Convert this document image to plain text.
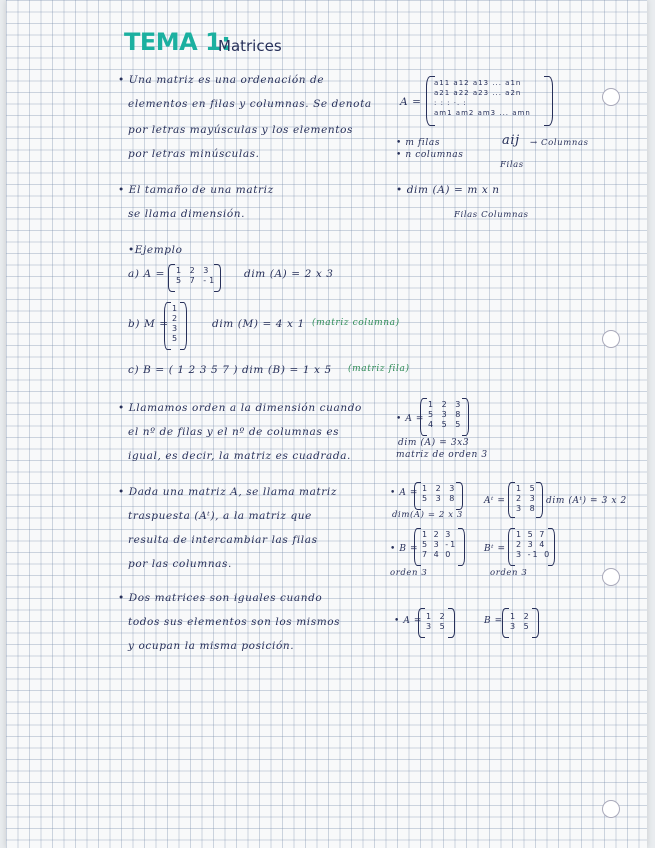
TEMA 1:
Matrices
• Una matriz es una ordenación de
elementos en filas y columnas. Se denota
por letras mayúsculas y los elementos
por letras minúsculas.
A =
a11 a12 a13 ... a1n
a21 a22 a23 ... a2n
: : : ·. :
am1 am2 am3 ... amn
• m filas
• n columnas
aij → Columnas
Filas
• El tamaño de una matriz
se llama dimensión.
• dim (A) = m x n
Filas Columnas
•Ejemplo
a) A = 1 2 3
5 7 -1
dim (A) = 2 x 3
b) M =
1
2
3
5
dim (M) = 4 x 1 (matriz columna)
c) B = ( 1 2 3 5 7 ) dim (B) = 1 x 5 (matriz fila)
• Llamamos orden a la dimensión cuando
el nº de filas y el nº de columnas es
igual, es decir, la matriz es cuadrada.
• A =
1 2 3
5 3 8
4 5 5
dim (A) = 3x3
matriz de orden 3
• Dada una matriz A, se llama matriz
traspuesta (Aᵗ), a la matriz que
resulta de intercambiar las filas
por las columnas.
• A = 1 2 3
5 3 8
dim(A) = 2 x 3
Aᵗ =
1 5
2 3
3 8
dim (Aᵗ) = 3 x 2
• B =
1 2 3
5 3 -1
7 4 0
orden 3
Bᵗ =
1 5 7
2 3 4
3 -1 0
orden 3
• Dos matrices son iguales cuando
todos sus elementos son los mismos
y ocupan la misma posición.
• A = 1 2
3 5
B = 1 2
3 5
